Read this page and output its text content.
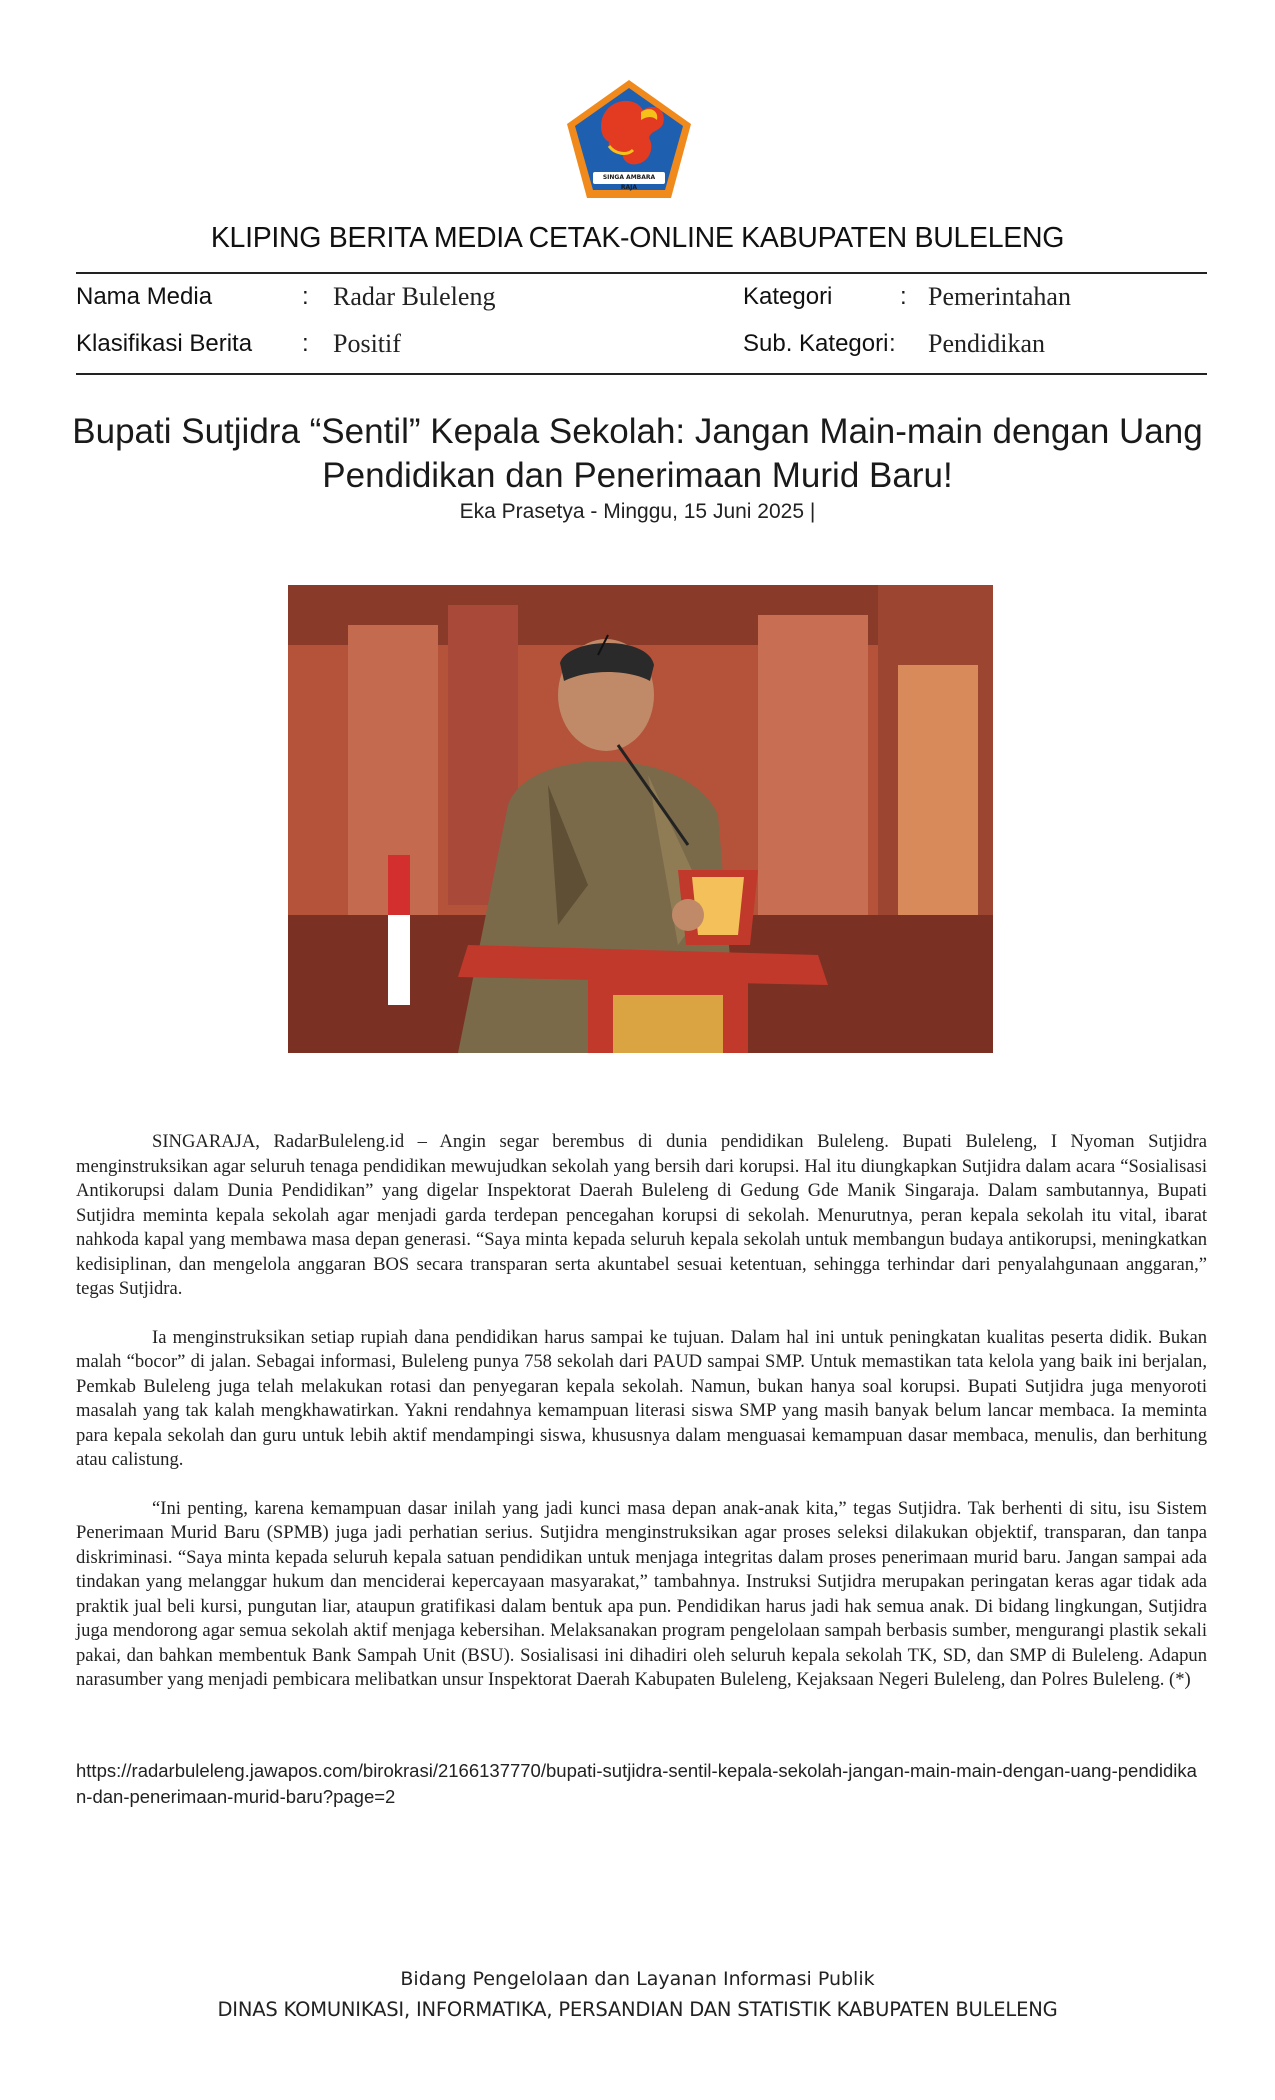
SINGA AMBARA RAJA
KLIPING BERITA MEDIA CETAK-ONLINE KABUPATEN BULELENG
Nama Media	: Radar Buleleng
Klasifikasi Berita : Positif
Kategori	: Pemerintahan
Sub. Kategori : Pendidikan
Bupati Sutjidra “Sentil” Kepala Sekolah: Jangan Main-main dengan Uang
Pendidikan dan Penerimaan Murid Baru!
Eka Prasetya - Minggu, 15 Juni 2025 |

SINGARAJA, RadarBuleleng.id – Angin segar berembus di dunia pendidikan Buleleng. Bupati Buleleng, I Nyoman Sutjidra menginstruksikan agar seluruh tenaga pendidikan mewujudkan sekolah yang bersih dari korupsi. Hal itu diungkapkan Sutjidra dalam acara “Sosialisasi Antikorupsi dalam Dunia Pendidikan” yang digelar Inspektorat Daerah Buleleng di Gedung Gde Manik Singaraja. Dalam sambutannya, Bupati Sutjidra meminta kepala sekolah agar menjadi garda terdepan pencegahan korupsi di sekolah. Menurutnya, peran kepala sekolah itu vital, ibarat nahkoda kapal yang membawa masa depan generasi. “Saya minta kepada seluruh kepala sekolah untuk membangun budaya antikorupsi, meningkatkan kedisiplinan, dan mengelola anggaran BOS secara transparan serta akuntabel sesuai ketentuan, sehingga terhindar dari penyalahgunaan anggaran,” tegas Sutjidra.

Ia menginstruksikan setiap rupiah dana pendidikan harus sampai ke tujuan. Dalam hal ini untuk peningkatan kualitas peserta didik. Bukan malah “bocor” di jalan. Sebagai informasi, Buleleng punya 758 sekolah dari PAUD sampai SMP. Untuk memastikan tata kelola yang baik ini berjalan, Pemkab Buleleng juga telah melakukan rotasi dan penyegaran kepala sekolah. Namun, bukan hanya soal korupsi. Bupati Sutjidra juga menyoroti masalah yang tak kalah mengkhawatirkan. Yakni rendahnya kemampuan literasi siswa SMP yang masih banyak belum lancar membaca. Ia meminta para kepala sekolah dan guru untuk lebih aktif mendampingi siswa, khususnya dalam menguasai kemampuan dasar membaca, menulis, dan berhitung atau calistung.

“Ini penting, karena kemampuan dasar inilah yang jadi kunci masa depan anak-anak kita,” tegas Sutjidra. Tak berhenti di situ, isu Sistem Penerimaan Murid Baru (SPMB) juga jadi perhatian serius. Sutjidra menginstruksikan agar proses seleksi dilakukan objektif, transparan, dan tanpa diskriminasi. “Saya minta kepada seluruh kepala satuan pendidikan untuk menjaga integritas dalam proses penerimaan murid baru. Jangan sampai ada tindakan yang melanggar hukum dan menciderai kepercayaan masyarakat,” tambahnya. Instruksi Sutjidra merupakan peringatan keras agar tidak ada praktik jual beli kursi, pungutan liar, ataupun gratifikasi dalam bentuk apa pun. Pendidikan harus jadi hak semua anak. Di bidang lingkungan, Sutjidra juga mendorong agar semua sekolah aktif menjaga kebersihan. Melaksanakan program pengelolaan sampah berbasis sumber, mengurangi plastik sekali pakai, dan bahkan membentuk Bank Sampah Unit (BSU). Sosialisasi ini dihadiri oleh seluruh kepala sekolah TK, SD, dan SMP di Buleleng. Adapun narasumber yang menjadi pembicara melibatkan unsur Inspektorat Daerah Kabupaten Buleleng, Kejaksaan Negeri Buleleng, dan Polres Buleleng. (*)

https://radarbuleleng.jawapos.com/birokrasi/2166137770/bupati-sutjidra-sentil-kepala-sekolah-jangan-main-main-dengan-uang-pendidikan-dan-penerimaan-murid-baru?page=2
Bidang Pengelolaan dan Layanan Informasi Publik
DINAS KOMUNIKASI, INFORMATIKA, PERSANDIAN DAN STATISTIK KABUPATEN BULELENG
